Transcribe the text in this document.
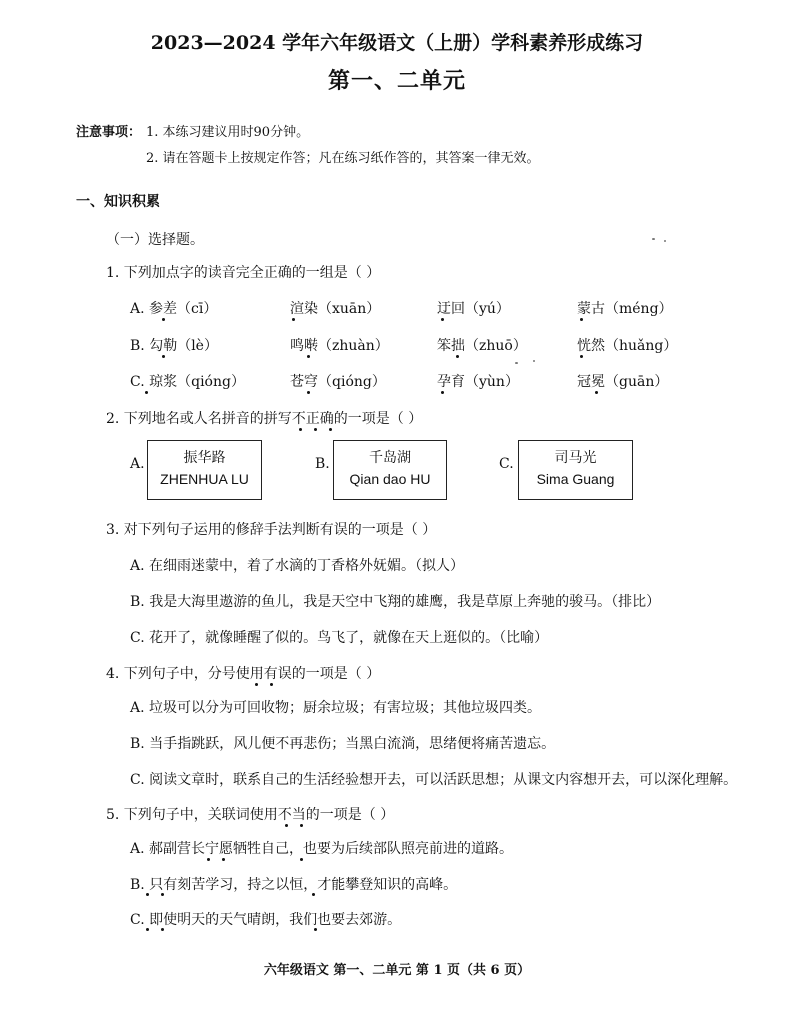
2023—2024 学年六年级语文（上册）学科素养形成练习
第一、二单元
注意事项： 1. 本练习建议用时90分钟。
2. 请在答题卡上按规定作答；凡在练习纸作答的，其答案一律无效。
一、知识积累
（一）选择题。
1. 下列加点字的读音完全正确的一组是（ ）
A. 参差（cī）	渲染（xuān）	迂回（yú）	蒙古（méng）
B. 勾勒（lè）	鸣啭（zhuàn）	笨拙（zhuō）	恍然（huǎng）
C. 琼浆（qióng）	苍穹（qióng）	孕育（yùn）	冠冕（guān）
2. 下列地名或人名拼音的拼写不正确的一项是（ ）
A.	振华路
ZHENHUA LU
B.	千岛湖
Qian dao HU
C.	司马光
Sima Guang
3. 对下列句子运用的修辞手法判断有误的一项是（ ）
A. 在细雨迷蒙中，着了水滴的丁香格外妩媚。（拟人）
B. 我是大海里遨游的鱼儿，我是天空中飞翔的雄鹰，我是草原上奔驰的骏马。（排比）
C. 花开了，就像睡醒了似的。鸟飞了，就像在天上逛似的。（比喻）
4. 下列句子中，分号使用有误的一项是（ ）
A. 垃圾可以分为可回收物；厨余垃圾；有害垃圾；其他垃圾四类。
B. 当手指跳跃，风儿便不再悲伤；当黑白流淌，思绪便将痛苦遗忘。
C. 阅读文章时，联系自己的生活经验想开去，可以活跃思想；从课文内容想开去，可以深化理解。
5. 下列句子中，关联词使用不当的一项是（ ）
A. 郝副营长宁愿牺牲自己，也要为后续部队照亮前进的道路。
B. 只有刻苦学习，持之以恒，才能攀登知识的高峰。
C. 即使明天的天气晴朗，我们也要去郊游。
六年级语文 第一、二单元 第 1 页（共 6 页）
